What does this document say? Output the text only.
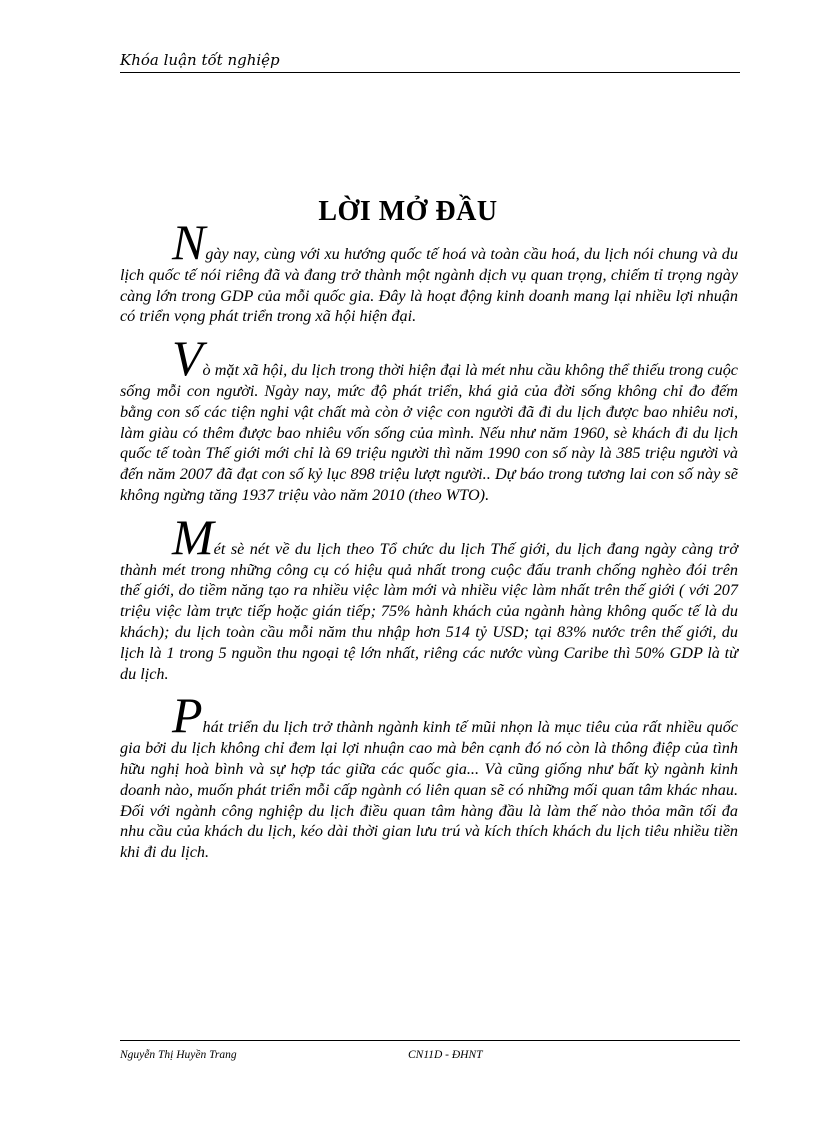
Khóa luận tốt nghiệp
LỜI MỞ ĐẦU

Ngày nay, cùng với xu hướng quốc tế hoá và toàn cầu hoá, du lịch nói chung và du lịch quốc tế nói riêng đã và đang trở thành một ngành dịch vụ quan trọng, chiếm tỉ trọng ngày càng lớn trong GDP của mỗi quốc gia. Đây là hoạt động kinh doanh mang lại nhiều lợi nhuận có triển vọng phát triển trong xã hội hiện đại.

Vò mặt xã hội, du lịch trong thời hiện đại là mét nhu cầu không thể thiếu trong cuộc sống mỗi con người. Ngày nay, mức độ phát triển, khá giả của đời sống không chỉ đo đếm bằng con số các tiện nghi vật chất mà còn ở việc con người đã đi du lịch được bao nhiêu nơi, làm giàu có thêm được bao nhiêu vốn sống của mình. Nếu như năm 1960, sè khách đi du lịch quốc tế toàn Thế giới mới chỉ là 69 triệu người thì năm 1990 con số này là 385 triệu người và đến năm 2007 đã đạt con số kỷ lục 898 triệu lượt người.. Dự báo trong tương lai con số này sẽ không ngừng tăng 1937 triệu vào năm 2010 (theo WTO).

Mét sè nét về du lịch theo Tổ chức du lịch Thế giới, du lịch đang ngày càng trở thành mét trong những công cụ có hiệu quả nhất trong cuộc đấu tranh chống nghèo đói trên thế giới, do tiềm năng tạo ra nhiều việc làm mới và nhiều việc làm nhất trên thế giới ( với 207 triệu việc làm trực tiếp hoặc gián tiếp; 75% hành khách của ngành hàng không quốc tế là du khách); du lịch toàn cầu mỗi năm thu nhập hơn 514 tỷ USD; tại 83% nước trên thế giới, du lịch là 1 trong 5 nguồn thu ngoại tệ lớn nhất, riêng các nước vùng Caribe thì 50% GDP là từ du lịch.

Phát triển du lịch trở thành ngành kinh tế mũi nhọn là mục tiêu của rất nhiều quốc gia bởi du lịch không chỉ đem lại lợi nhuận cao mà bên cạnh đó nó còn là thông điệp của tình hữu nghị hoà bình và sự hợp tác giữa các quốc gia... Và cũng giống như bất kỳ ngành kinh doanh nào, muốn phát triển mỗi cấp ngành có liên quan sẽ có những mối quan tâm khác nhau. Đối với ngành công nghiệp du lịch điều quan tâm hàng đầu là làm thế nào thỏa mãn tối đa nhu cầu của khách du lịch, kéo dài thời gian lưu trú và kích thích khách du lịch tiêu nhiều tiền khi đi du lịch.

Nguyễn Thị Huyền Trang	CN11D - ĐHNT
